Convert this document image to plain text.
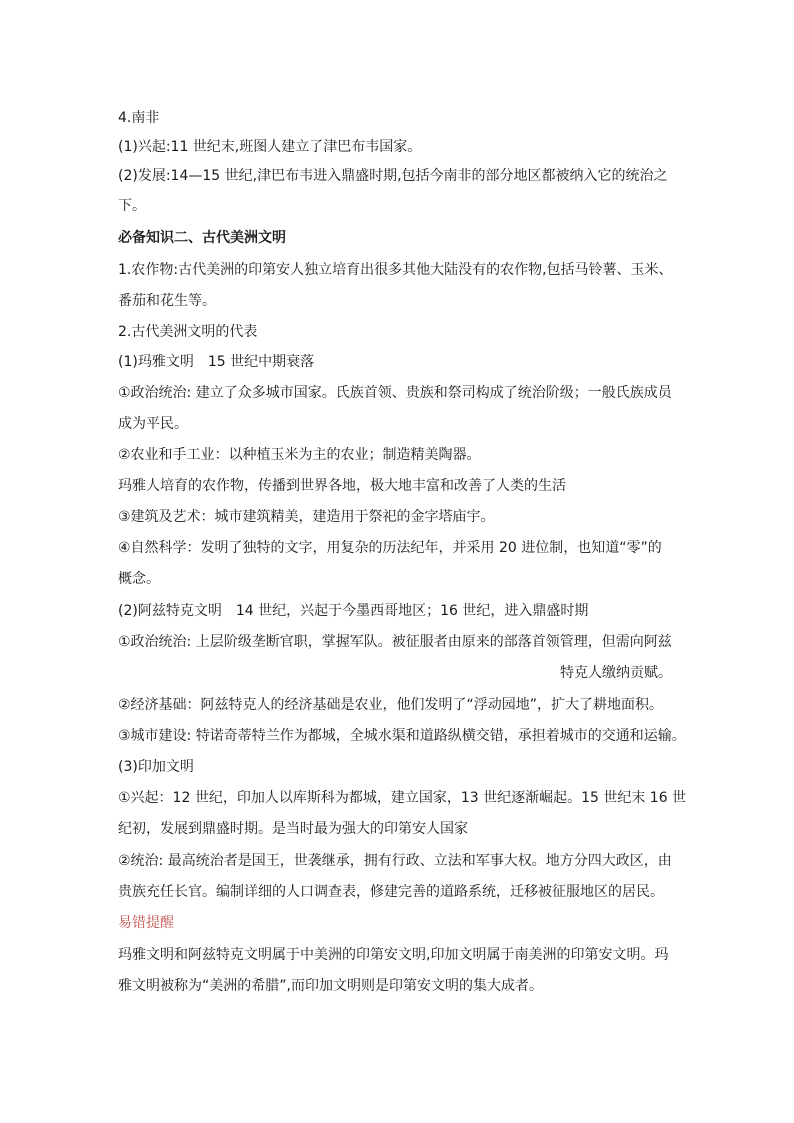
4.南非
(1)兴起:11 世纪末,班图人建立了津巴布韦国家。
(2)发展:14—15 世纪,津巴布韦进入鼎盛时期,包括今南非的部分地区都被纳入它的统治之
下。
必备知识二、古代美洲文明
1.农作物:古代美洲的印第安人独立培育出很多其他大陆没有的农作物,包括马铃薯、玉米、
番茄和花生等。
2.古代美洲文明的代表
(1)玛雅文明　15 世纪中期衰落
①政治统治: 建立了众多城市国家。氏族首领、贵族和祭司构成了统治阶级；一般氏族成员
成为平民。
②农业和手工业：以种植玉米为主的农业；制造精美陶器。
玛雅人培育的农作物，传播到世界各地，极大地丰富和改善了人类的生活
③建筑及艺术：城市建筑精美，建造用于祭祀的金字塔庙宇。
④自然科学：发明了独特的文字，用复杂的历法纪年，并采用 20 进位制，也知道“零”的
概念。
(2)阿兹特克文明　14 世纪，兴起于今墨西哥地区；16 世纪，进入鼎盛时期
①政治统治: 上层阶级垄断官职，掌握军队。被征服者由原来的部落首领管理，但需向阿兹
特克人缴纳贡赋。
②经济基础：阿兹特克人的经济基础是农业，他们发明了“浮动园地”，扩大了耕地面积。
③城市建设: 特诺奇蒂特兰作为都城，全城水渠和道路纵横交错，承担着城市的交通和运输。
(3)印加文明
①兴起：12 世纪，印加人以库斯科为都城，建立国家，13 世纪逐渐崛起。15 世纪末 16 世
纪初，发展到鼎盛时期。是当时最为强大的印第安人国家
②统治: 最高统治者是国王，世袭继承，拥有行政、立法和军事大权。地方分四大政区，由
贵族充任长官。编制详细的人口调查表，修建完善的道路系统，迁移被征服地区的居民。
易错提醒
玛雅文明和阿兹特克文明属于中美洲的印第安文明,印加文明属于南美洲的印第安文明。玛
雅文明被称为“美洲的希腊”,而印加文明则是印第安文明的集大成者。
